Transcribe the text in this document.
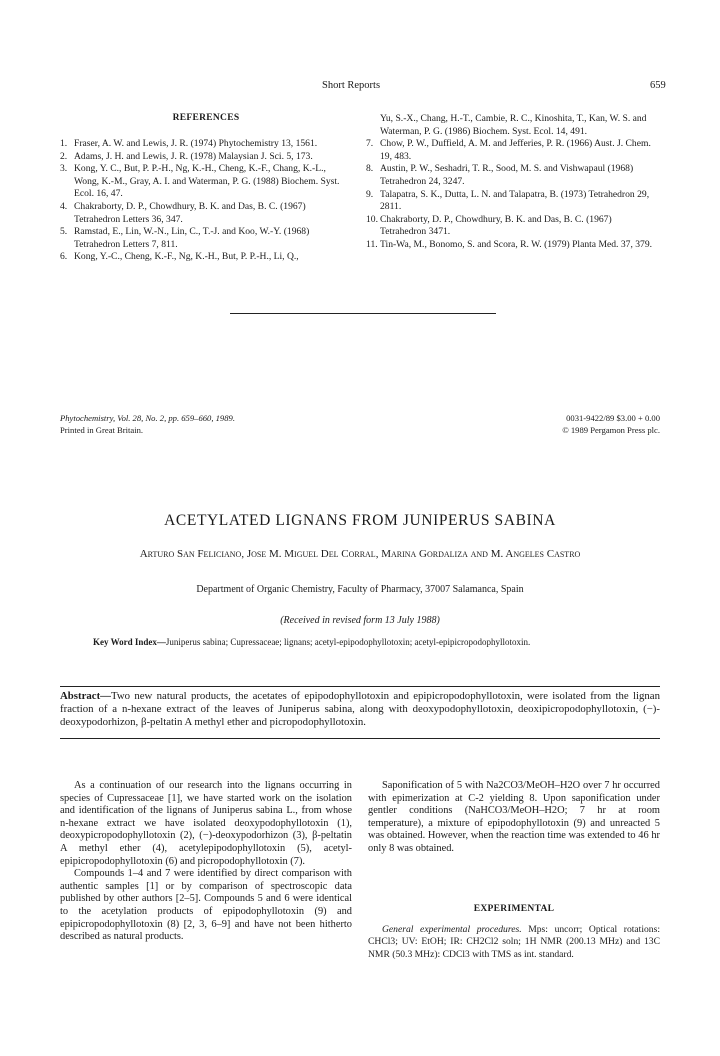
Short Reports	659
REFERENCES

1. Fraser, A. W. and Lewis, J. R. (1974) Phytochemistry 13, 1561.

2. Adams, J. H. and Lewis, J. R. (1978) Malaysian J. Sci. 5, 173.

3. Kong, Y. C., But, P. P.-H., Ng, K.-H., Cheng, K.-F., Chang, K.-L., Wong, K.-M., Gray, A. I. and Waterman, P. G. (1988) Biochem. Syst. Ecol. 16, 47.

4. Chakraborty, D. P., Chowdhury, B. K. and Das, B. C. (1967) Tetrahedron Letters 36, 347.

5. Ramstad, E., Lin, W.-N., Lin, C., T.-J. and Koo, W.-Y. (1968) Tetrahedron Letters 7, 811.

6. Kong, Y.-C., Cheng, K.-F., Ng, K.-H., But, P. P.-H., Li, Q.,

Yu, S.-X., Chang, H.-T., Cambie, R. C., Kinoshita, T., Kan, W. S. and Waterman, P. G. (1986) Biochem. Syst. Ecol. 14, 491.

7. Chow, P. W., Duffield, A. M. and Jefferies, P. R. (1966) Aust. J. Chem. 19, 483.

8. Austin, P. W., Seshadri, T. R., Sood, M. S. and Vishwapaul (1968) Tetrahedron 24, 3247.

9. Talapatra, S. K., Dutta, L. N. and Talapatra, B. (1973) Tetrahedron 29, 2811.

10. Chakraborty, D. P., Chowdhury, B. K. and Das, B. C. (1967) Tetrahedron 3471.

11. Tin-Wa, M., Bonomo, S. and Scora, R. W. (1979) Planta Med. 37, 379.

Phytochemistry, Vol. 28, No. 2, pp. 659–660, 1989.
Printed in Great Britain.
0031-9422/89 $3.00 + 0.00
© 1989 Pergamon Press plc.
ACETYLATED LIGNANS FROM JUNIPERUS SABINA
Arturo San Feliciano, Jose M. Miguel Del Corral, Marina Gordaliza and M. Angeles Castro
Department of Organic Chemistry, Faculty of Pharmacy, 37007 Salamanca, Spain
(Received in revised form 13 July 1988)
Key Word Index—Juniperus sabina; Cupressaceae; lignans; acetyl-epipodophyllotoxin; acetyl-epipicropodophyllotoxin.
Abstract—Two new natural products, the acetates of epipodophyllotoxin and epipicropodophyllotoxin, were isolated from the lignan fraction of a n-hexane extract of the leaves of Juniperus sabina, along with deoxypodophyllotoxin, deoxipicropodophyllotoxin, (−)-deoxypodorhizon, β-peltatin A methyl ether and picropodophyllotoxin.

As a continuation of our research into the lignans occurring in species of Cupressaceae [1], we have started work on the isolation and identification of the lignans of Juniperus sabina L., from whose n-hexane extract we have isolated deoxypodophyllotoxin (1), deoxypicropodophyllotoxin (2), (−)-deoxypodorhizon (3), β-peltatin A methyl ether (4), acetylepipodophyllotoxin (5), acetyl-epipicropodophyllotoxin (6) and picropodophyllotoxin (7).

Compounds 1–4 and 7 were identified by direct comparison with authentic samples [1] or by comparison of spectroscopic data published by other authors [2–5]. Compounds 5 and 6 were identical to the acetylation products of epipodophyllotoxin (9) and epipicropodophyllotoxin (8) [2, 3, 6–9] and have not been hitherto described as natural products.

Saponification of 5 with Na2CO3/MeOH–H2O over 7 hr occurred with epimerization at C-2 yielding 8. Upon saponification under gentler conditions (NaHCO3/MeOH–H2O; 7 hr at room temperature), a mixture of epipodophyllotoxin (9) and unreacted 5 was obtained. However, when the reaction time was extended to 46 hr only 8 was obtained.

EXPERIMENTAL

General experimental procedures. Mps: uncorr; Optical rotations: CHCl3; UV: EtOH; IR: CH2Cl2 soln; 1H NMR (200.13 MHz) and 13C NMR (50.3 MHz): CDCl3 with TMS as int. standard.
